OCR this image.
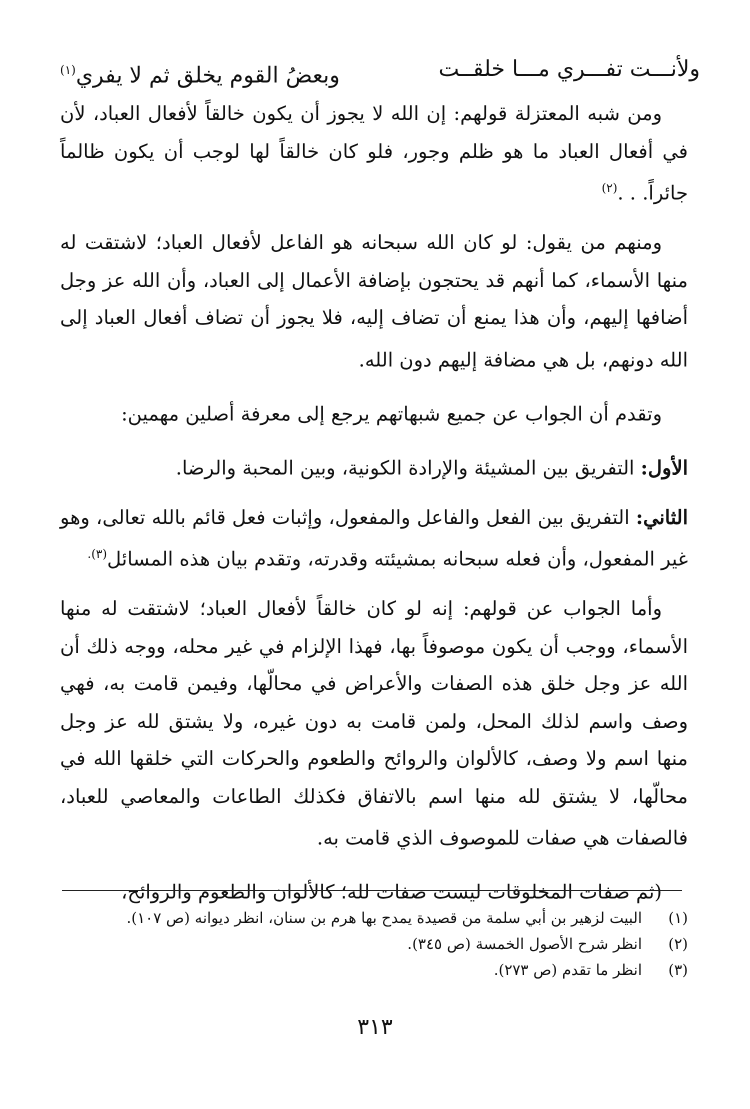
ولأنـــت تفـــري مـــا خلقــت
وبعضُ القوم يخلق ثم لا يفري$^{(١)}$

ومن شبه المعتزلة قولهم: إن الله لا يجوز أن يكون خالقاً لأفعال العباد، لأن في أفعال العباد ما هو ظلم وجور، فلو كان خالقاً لها لوجب أن يكون ظالماً جائراً. . .$^{(٢)}$

ومنهم من يقول: لو كان الله سبحانه هو الفاعل لأفعال العباد؛ لاشتقت له منها الأسماء، كما أنهم قد يحتجون بإضافة الأعمال إلى العباد، وأن الله عز وجل أضافها إليهم، وأن هذا يمنع أن تضاف إليه، فلا يجوز أن تضاف أفعال العباد إلى الله دونهم، بل هي مضافة إليهم دون الله.

وتقدم أن الجواب عن جميع شبهاتهم يرجع إلى معرفة أصلين مهمين:

الأول: التفريق بين المشيئة والإرادة الكونية، وبين المحبة والرضا.

الثاني: التفريق بين الفعل والفاعل والمفعول، وإثبات فعل قائم بالله تعالى، وهو غير المفعول، وأن فعله سبحانه بمشيئته وقدرته، وتقدم بيان هذه المسائل$^{(٣).}$

وأما الجواب عن قولهم: إنه لو كان خالقاً لأفعال العباد؛ لاشتقت له منها الأسماء، ووجب أن يكون موصوفاً بها، فهذا الإلزام في غير محله، ووجه ذلك أن الله عز وجل خلق هذه الصفات والأعراض في محالّها، وفيمن قامت به، فهي وصف واسم لذلك المحل، ولمن قامت به دون غيره، ولا يشتق لله عز وجل منها اسم ولا وصف، كالألوان والروائح والطعوم والحركات التي خلقها الله في محالّها، لا يشتق لله منها اسم بالاتفاق فكذلك الطاعات والمعاصي للعباد، فالصفات هي صفات للموصوف الذي قامت به.

(ثم صفات المخلوقات ليست صفات لله؛ كالألوان والطعوم والروائح،

(١)
البيت لزهير بن أبي سلمة من قصيدة يمدح بها هرم بن سنان، انظر ديوانه (ص ١٠٧).
(٢)
انظر شرح الأصول الخمسة (ص ٣٤٥).
(٣)
انظر ما تقدم (ص ٢٧٣).
٣١٣
